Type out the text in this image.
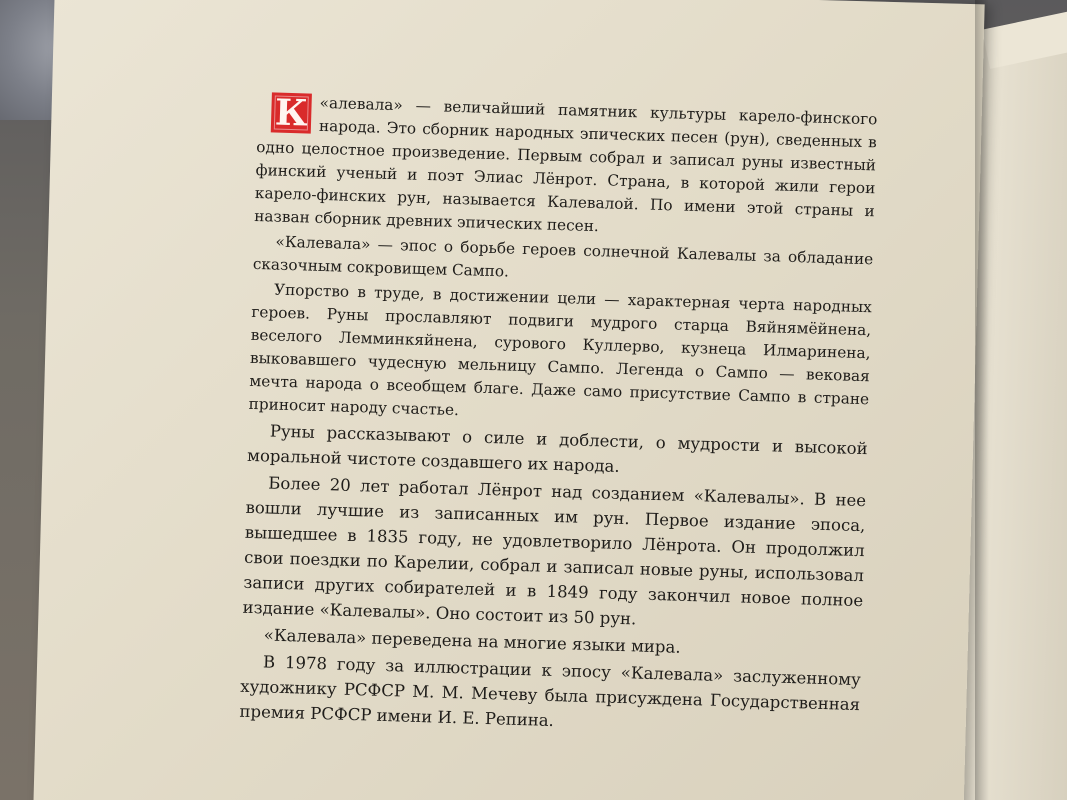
К «алевала» — величайший памятник культуры карело-финского народа. Это сборник народных эпических песен (рун), сведенных в одно целостное произведение. Первым собрал и записал руны известный финский ученый и поэт Элиас Лёнрот. Страна, в которой жили герои карело-финских рун, называется Калевалой. По имени этой страны и назван сборник древних эпических песен.

«Калевала» — эпос о борьбе героев солнечной Калевалы за обладание сказочным сокровищем Сампо.

Упорство в труде, в достижении цели — характерная черта народных героев. Руны прославляют подвиги мудрого старца Вяйнямёйнена, веселого Лемминкяйнена, сурового Куллерво, кузнеца Илмаринена, выковавшего чудесную мельницу Сампо. Легенда о Сампо — вековая мечта народа о всеобщем благе. Даже само присутствие Сампо в стране приносит народу счастье.

Руны рассказывают о силе и доблести, о мудрости и высокой моральной чистоте создавшего их народа.

Более 20 лет работал Лёнрот над созданием «Калевалы». В нее вошли лучшие из записанных им рун. Первое издание эпоса, вышедшее в 1835 году, не удовлетворило Лёнрота. Он продолжил свои поездки по Карелии, собрал и записал новые руны, использовал записи других собирателей и в 1849 году закончил новое полное издание «Калевалы». Оно состоит из 50 рун.

«Калевала» переведена на многие языки мира.

В 1978 году за иллюстрации к эпосу «Калевала» заслуженному художнику РСФСР М. М. Мечеву была присуждена Государственная премия РСФСР имени И. Е. Репина.
